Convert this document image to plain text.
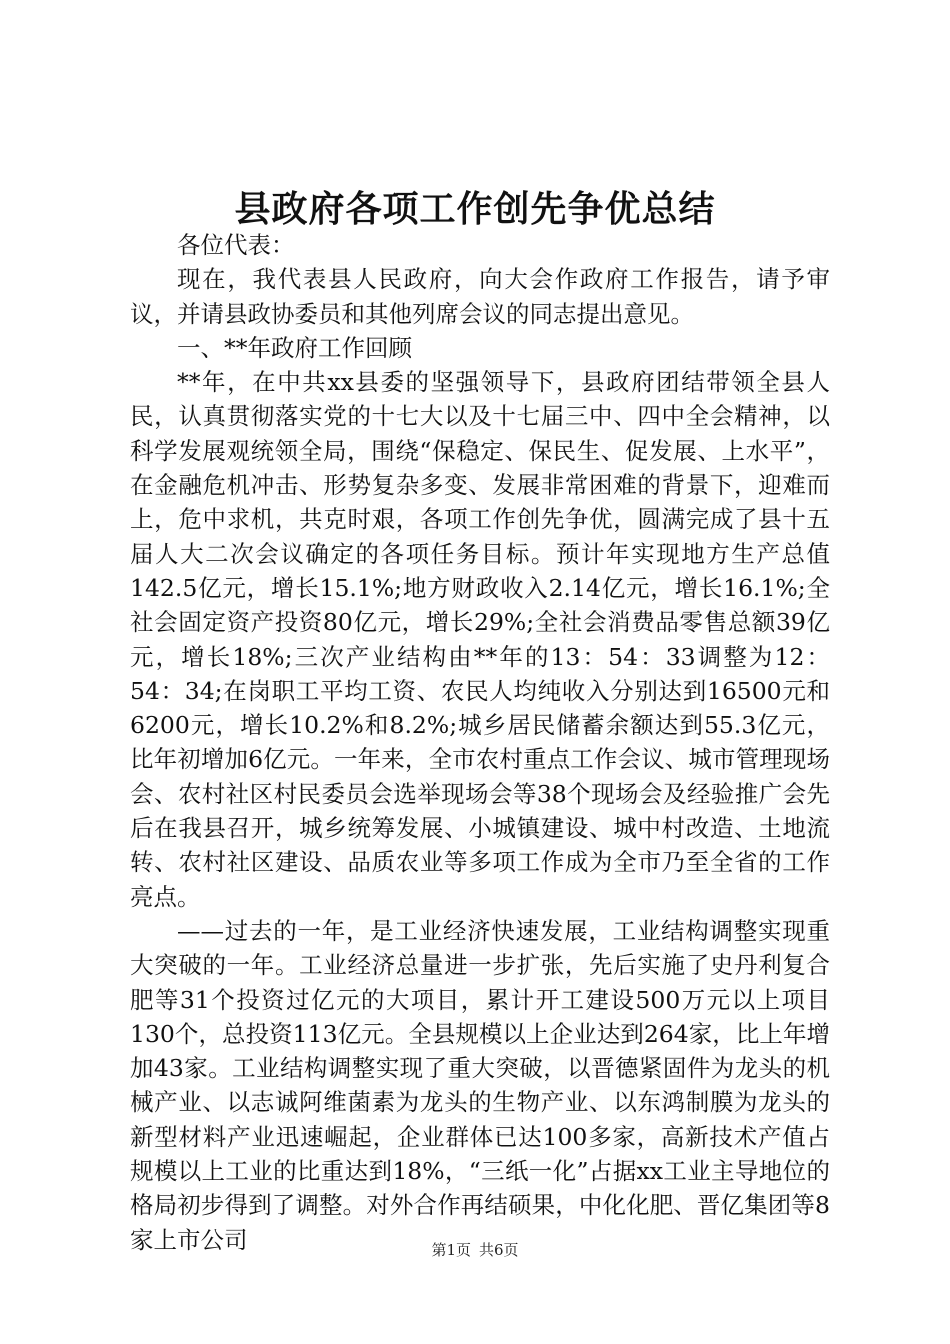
县政府各项工作创先争优总结

各位代表：

现在，我代表县人民政府，向大会作政府工作报告，请予审议，并请县政协委员和其他列席会议的同志提出意见。

一、**年政府工作回顾

**年，在中共xx县委的坚强领导下，县政府团结带领全县人民，认真贯彻落实党的十七大以及十七届三中、四中全会精神，以科学发展观统领全局，围绕“保稳定、保民生、促发展、上水平”，在金融危机冲击、形势复杂多变、发展非常困难的背景下，迎难而上，危中求机，共克时艰，各项工作创先争优，圆满完成了县十五届人大二次会议确定的各项任务目标。预计年实现地方生产总值142.5亿元，增长15.1%;地方财政收入2.14亿元，增长16.1%;全社会固定资产投资80亿元，增长29%;全社会消费品零售总额39亿元，增长18%;三次产业结构由**年的13：54：33调整为12：54：34;在岗职工平均工资、农民人均纯收入分别达到16500元和6200元，增长10.2%和8.2%;城乡居民储蓄余额达到55.3亿元，比年初增加6亿元。一年来，全市农村重点工作会议、城市管理现场会、农村社区村民委员会选举现场会等38个现场会及经验推广会先后在我县召开，城乡统筹发展、小城镇建设、城中村改造、土地流转、农村社区建设、品质农业等多项工作成为全市乃至全省的工作亮点。

——过去的一年，是工业经济快速发展，工业结构调整实现重大突破的一年。工业经济总量进一步扩张，先后实施了史丹利复合肥等31个投资过亿元的大项目，累计开工建设500万元以上项目130个，总投资113亿元。全县规模以上企业达到264家，比上年增加43家。工业结构调整实现了重大突破，以晋德紧固件为龙头的机械产业、以志诚阿维菌素为龙头的生物产业、以东鸿制膜为龙头的新型材料产业迅速崛起，企业群体已达100多家，高新技术产值占规模以上工业的比重达到18%，“三纸一化”占据xx工业主导地位的格局初步得到了调整。对外合作再结硕果，中化化肥、晋亿集团等8家上市公司	第1页 共6页
